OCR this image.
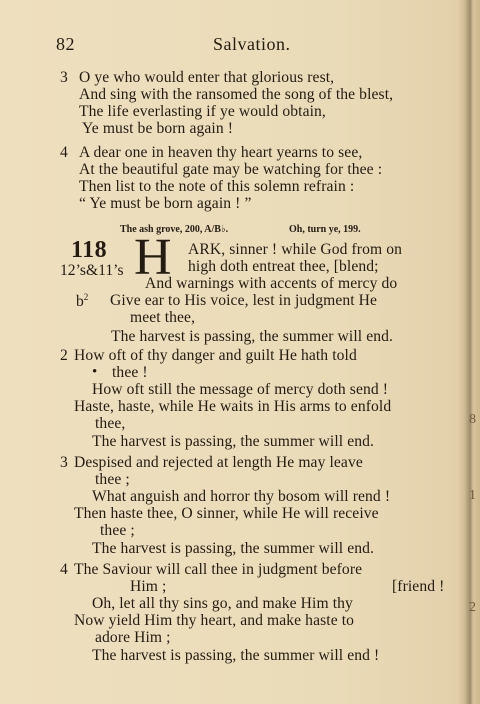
82	Salvation.
3 O ye who would enter that glorious rest,
And sing with the ransomed the song of the blest,
The life everlasting if ye would obtain,
Ye must be born again !
4 A dear one in heaven thy heart yearns to see,
At the beautiful gate may be watching for thee :
Then list to the note of this solemn refrain :
“ Ye must be born again ! ”
The ash grove, 200, A/B♭.	Oh, turn ye, 199.
118 H
12’s&11’s
$b^2$
ARK, sinner ! while God from on
high doth entreat thee, [blend;
And warnings with accents of mercy do
Give ear to His voice, lest in judgment He
meet thee,
The harvest is passing, the summer will end.
2 How oft of thy danger and guilt He hath told
• thee !
How oft still the message of mercy doth send !
Haste, haste, while He waits in His arms to enfold
thee,
The harvest is passing, the summer will end.
3 Despised and rejected at length He may leave
thee ;
What anguish and horror thy bosom will rend !
Then haste thee, O sinner, while He will receive
thee ;
The harvest is passing, the summer will end.
4 The Saviour will call thee in judgment before
Him ;	[friend !
Oh, let all thy sins go, and make Him thy
Now yield Him thy heart, and make haste to
adore Him ;
The harvest is passing, the summer will end !
8
1
2
